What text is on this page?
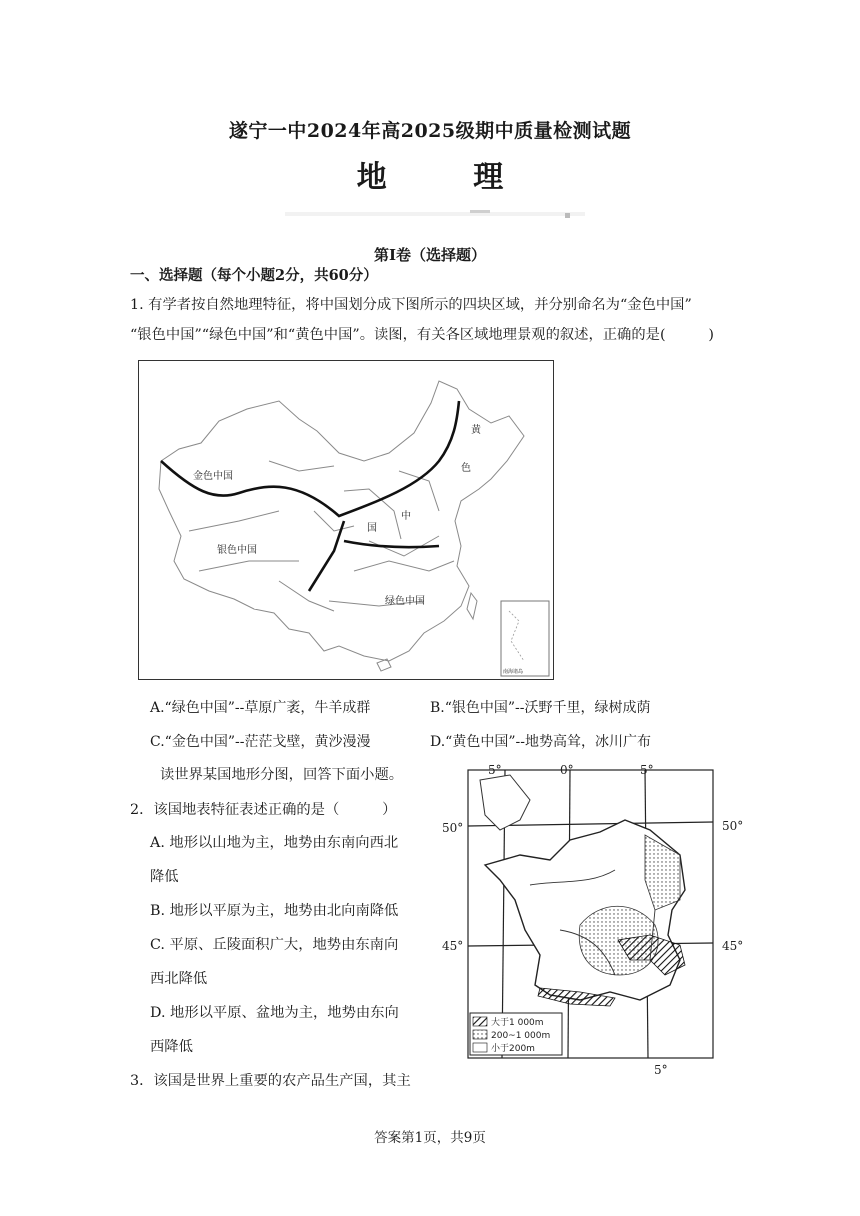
遂宁一中2024年高2025级期中质量检测试题
地 理
第I卷（选择题）
一、选择题（每个小题2分，共60分）
1. 有学者按自然地理特征，将中国划分成下图所示的四块区域，并分别命名为“金色中国”
“银色中国”“绿色中国”和“黄色中国”。读图，有关各区域地理景观的叙述，正确的是(　　　)
金色中国
银色中国
绿色中国
黄
色
中
国
南海诸岛
A.“绿色中国”--草原广袤，牛羊成群	B.“银色中国”--沃野千里，绿树成荫
C.“金色中国”--茫茫戈壁，黄沙漫漫	D.“黄色中国”--地势高耸，冰川广布
读世界某国地形分图，回答下面小题。
2．该国地表特征表述正确的是（　　　）
A. 地形以山地为主，地势由东南向西北
降低
B. 地形以平原为主，地势由北向南降低
C. 平原、丘陵面积广大，地势由东南向
西北降低
D. 地形以平原、盆地为主，地势由东向
西降低
3．该国是世界上重要的农产品生产国，其主
5°	0°	5°
5°
50°	50°
45°	45°
大于1 000m
200~1 000m
小于200m
答案第1页，共9页
